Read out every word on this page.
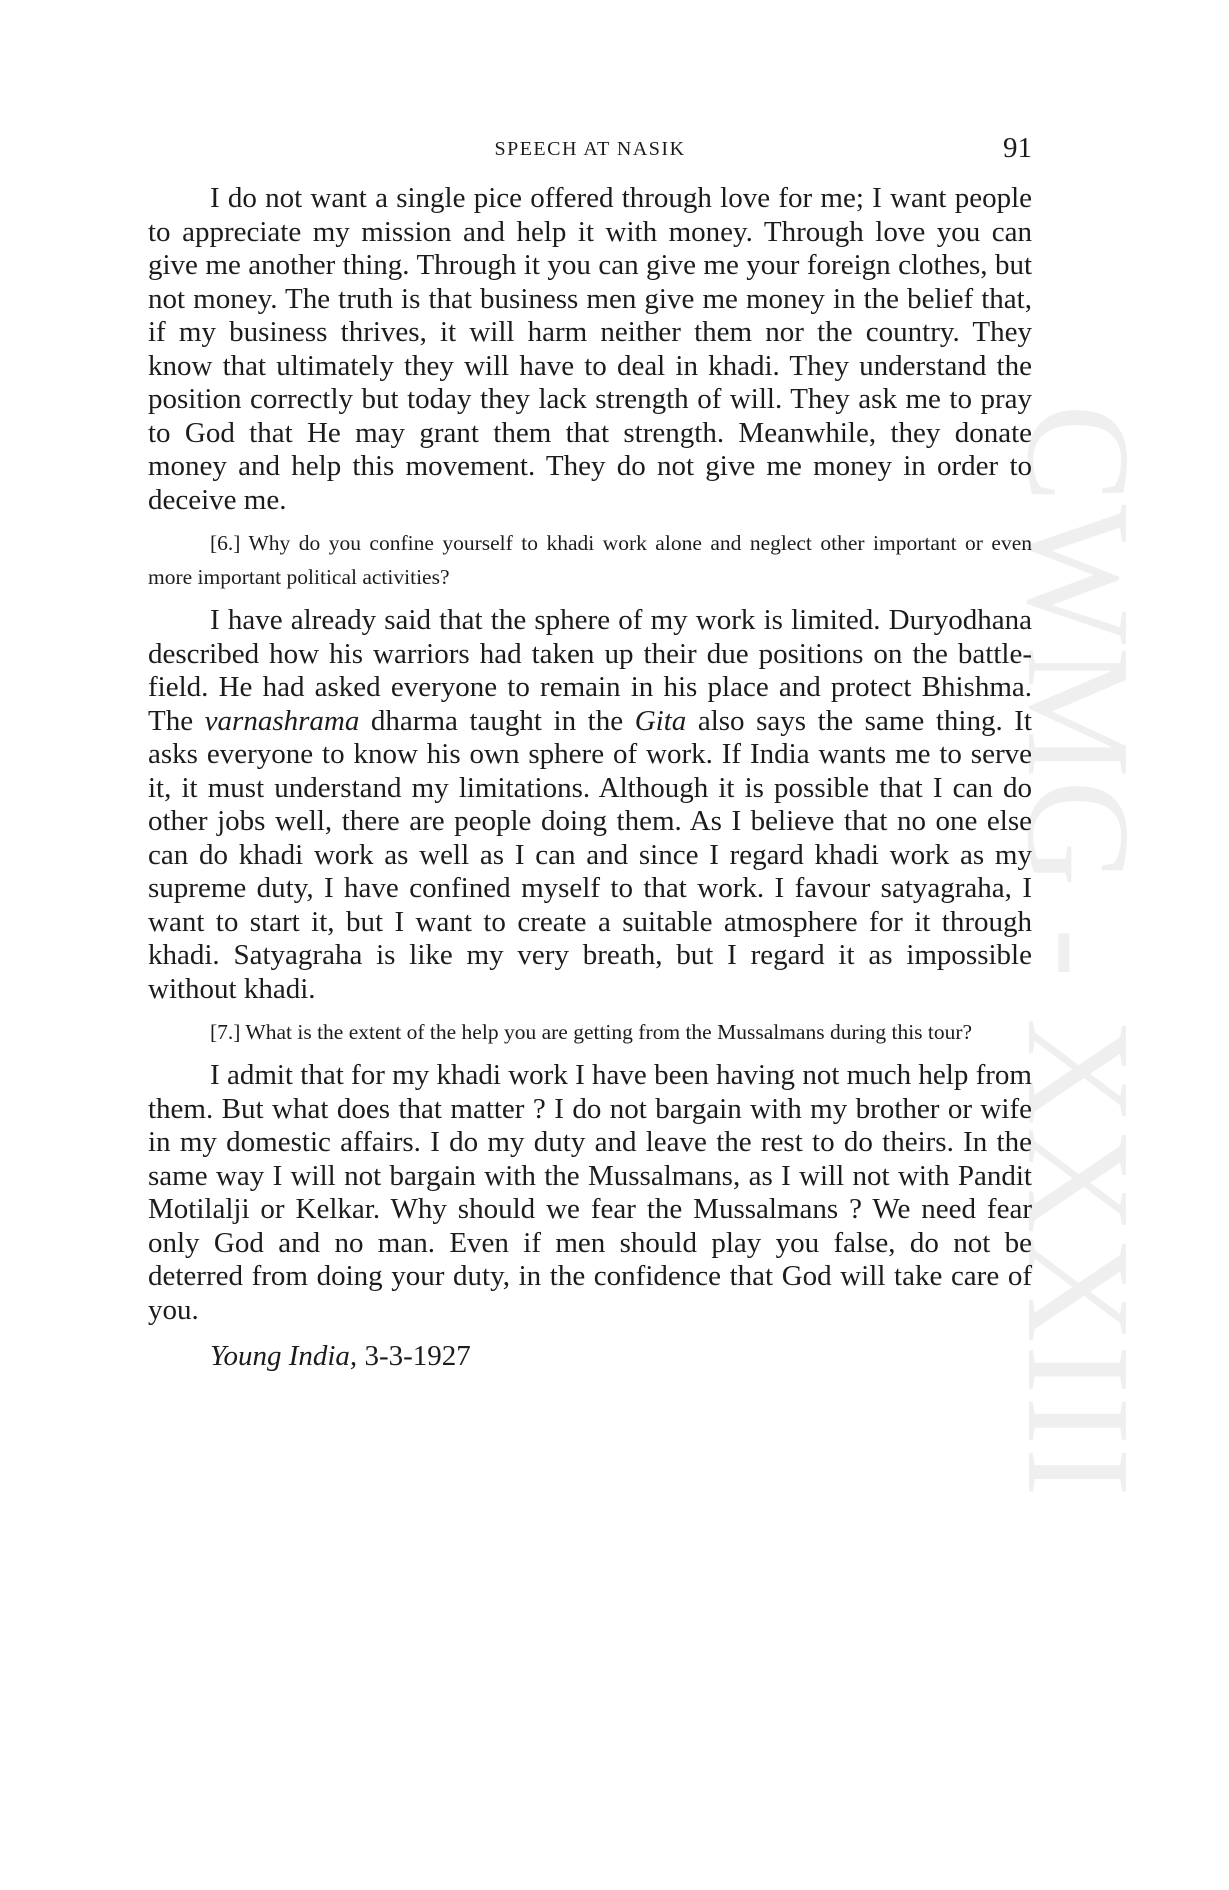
CWMG - XXXIII
SPEECH AT NASIK	91

I do not want a single pice offered through love for me; I want people to appreciate my mission and help it with money. Through love you can give me another thing. Through it you can give me your foreign clothes, but not money. The truth is that business men give me money in the belief that, if my business thrives, it will harm neither them nor the country. They know that ultimately they will have to deal in khadi. They understand the position correctly but today they lack strength of will. They ask me to pray to God that He may grant them that strength. Meanwhile, they donate money and help this movement. They do not give me money in order to deceive me.

[6.] Why do you confine yourself to khadi work alone and neglect other important or even more important political activities?

I have already said that the sphere of my work is limited. Duryodhana described how his warriors had taken up their due positions on the battle-field. He had asked everyone to remain in his place and protect Bhishma. The varnashrama dharma taught in the Gita also says the same thing. It asks everyone to know his own sphere of work. If India wants me to serve it, it must understand my limitations. Although it is possible that I can do other jobs well, there are people doing them. As I believe that no one else can do khadi work as well as I can and since I regard khadi work as my supreme duty, I have confined myself to that work. I favour satyagraha, I want to start it, but I want to create a suitable atmosphere for it through khadi. Satyagraha is like my very breath, but I regard it as impossible without khadi.

[7.] What is the extent of the help you are getting from the Mussalmans during this tour?

I admit that for my khadi work I have been having not much help from them. But what does that matter ? I do not bargain with my brother or wife in my domestic affairs. I do my duty and leave the rest to do theirs. In the same way I will not bargain with the Mussalmans, as I will not with Pandit Motilalji or Kelkar. Why should we fear the Mussalmans ? We need fear only God and no man. Even if men should play you false, do not be deterred from doing your duty, in the confidence that God will take care of you.

Young India, 3-3-1927
